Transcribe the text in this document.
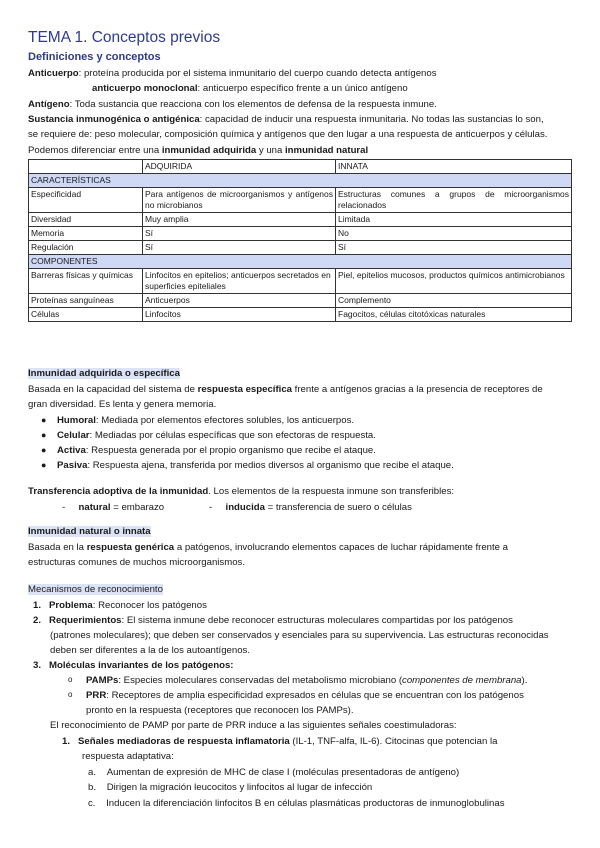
TEMA 1. Conceptos previos
Definiciones y conceptos
Anticuerpo: proteína producida por el sistema inmunitario del cuerpo cuando detecta antígenos
anticuerpo monoclonal: anticuerpo específico frente a un único antígeno
Antígeno: Toda sustancia que reacciona con los elementos de defensa de la respuesta inmune.
Sustancia inmunogénica o antigénica: capacidad de inducir una respuesta inmunitaria. No todas las sustancias lo son,
se requiere de: peso molecular, composición química y antígenos que den lugar a una respuesta de anticuerpos y células.
Podemos diferenciar entre una inmunidad adquirida y una inmunidad natural
	ADQUIRIDA	INNATA
CARACTERÍSTICAS		
Especificidad	Para antígenos de microorganismos y antígenos no microbianos	Estructuras comunes a grupos de microorganismos relacionados
Diversidad	Muy amplia	Limitada
Memoria	Sí	No
Regulación	Sí	Sí
COMPONENTES		
Barreras físicas y químicas	Linfocitos en epitelios; anticuerpos secretados en superficies epiteliales	Piel, epitelios mucosos, productos químicos antimicrobianos
Proteínas sanguíneas	Anticuerpos	Complemento
Células	Linfocitos	Fagocitos, células citotóxicas naturales
Inmunidad adquirida o específica
Basada en la capacidad del sistema de respuesta específica frente a antígenos gracias a la presencia de receptores de
gran diversidad. Es lenta y genera memoria.
● Humoral: Mediada por elementos efectores solubles, los anticuerpos.
● Celular: Mediadas por células específicas que son efectoras de respuesta.
● Activa: Respuesta generada por el propio organismo que recibe el ataque.
● Pasiva: Respuesta ajena, transferida por medios diversos al organismo que recibe el ataque.
Transferencia adoptiva de la inmunidad. Los elementos de la respuesta inmune son transferibles:
- natural = embarazo	- inducida = transferencia de suero o células
Inmunidad natural o innata
Basada en la respuesta genérica a patógenos, involucrando elementos capaces de luchar rápidamente frente a
estructuras comunes de muchos microorganismos.
Mecanismos de reconocimiento
1. Problema: Reconocer los patógenos
2. Requerimientos: El sistema inmune debe reconocer estructuras moleculares compartidas por los patógenos
(patrones moleculares); que deben ser conservados y esenciales para su supervivencia. Las estructuras reconocidas
deben ser diferentes a la de los autoantígenos.
3. Moléculas invariantes de los patógenos:
o PAMPs: Especies moleculares conservadas del metabolismo microbiano (componentes de membrana).
o PRR: Receptores de amplia especificidad expresados en células que se encuentran con los patógenos
pronto en la respuesta (receptores que reconocen los PAMPs).
El reconocimiento de PAMP por parte de PRR induce a las siguientes señales coestimuladoras:
1. Señales mediadoras de respuesta inflamatoria (IL-1, TNF-alfa, IL-6). Citocinas que potencian la
respuesta adaptativa:
a. Aumentan de expresión de MHC de clase I (moléculas presentadoras de antígeno)
b. Dirigen la migración leucocitos y linfocitos al lugar de infección
c. Inducen la diferenciación linfocitos B en células plasmáticas productoras de inmunoglobulinas
